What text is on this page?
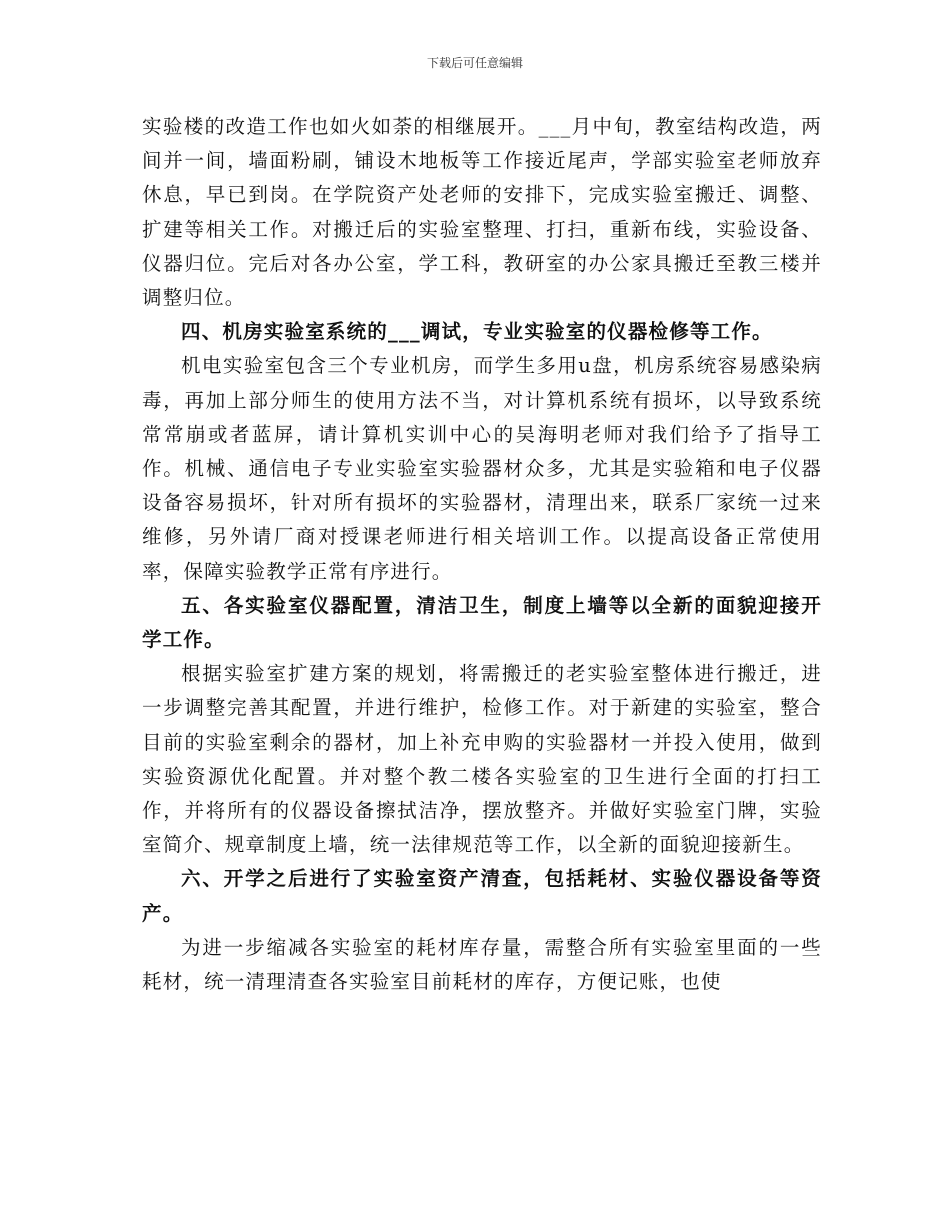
下载后可任意编辑

实验楼的改造工作也如火如荼的相继展开。___月中旬，教室结构改造，两间并一间，墙面粉刷，铺设木地板等工作接近尾声，学部实验室老师放弃休息，早已到岗。在学院资产处老师的安排下，完成实验室搬迁、调整、扩建等相关工作。对搬迁后的实验室整理、打扫，重新布线，实验设备、仪器归位。完后对各办公室，学工科，教研室的办公家具搬迁至教三楼并调整归位。

四、机房实验室系统的___调试，专业实验室的仪器检修等工作。

机电实验室包含三个专业机房，而学生多用u盘，机房系统容易感染病毒，再加上部分师生的使用方法不当，对计算机系统有损坏，以导致系统常常崩或者蓝屏，请计算机实训中心的吴海明老师对我们给予了指导工作。机械、通信电子专业实验室实验器材众多，尤其是实验箱和电子仪器设备容易损坏，针对所有损坏的实验器材，清理出来，联系厂家统一过来维修，另外请厂商对授课老师进行相关培训工作。以提高设备正常使用率，保障实验教学正常有序进行。

五、各实验室仪器配置，清洁卫生，制度上墙等以全新的面貌迎接开学工作。

根据实验室扩建方案的规划，将需搬迁的老实验室整体进行搬迁，进一步调整完善其配置，并进行维护，检修工作。对于新建的实验室，整合目前的实验室剩余的器材，加上补充申购的实验器材一并投入使用，做到实验资源优化配置。并对整个教二楼各实验室的卫生进行全面的打扫工作，并将所有的仪器设备擦拭洁净，摆放整齐。并做好实验室门牌，实验室简介、规章制度上墙，统一法律规范等工作，以全新的面貌迎接新生。

六、开学之后进行了实验室资产清查，包括耗材、实验仪器设备等资产。

为进一步缩减各实验室的耗材库存量，需整合所有实验室里面的一些耗材，统一清理清查各实验室目前耗材的库存，方便记账，也使
